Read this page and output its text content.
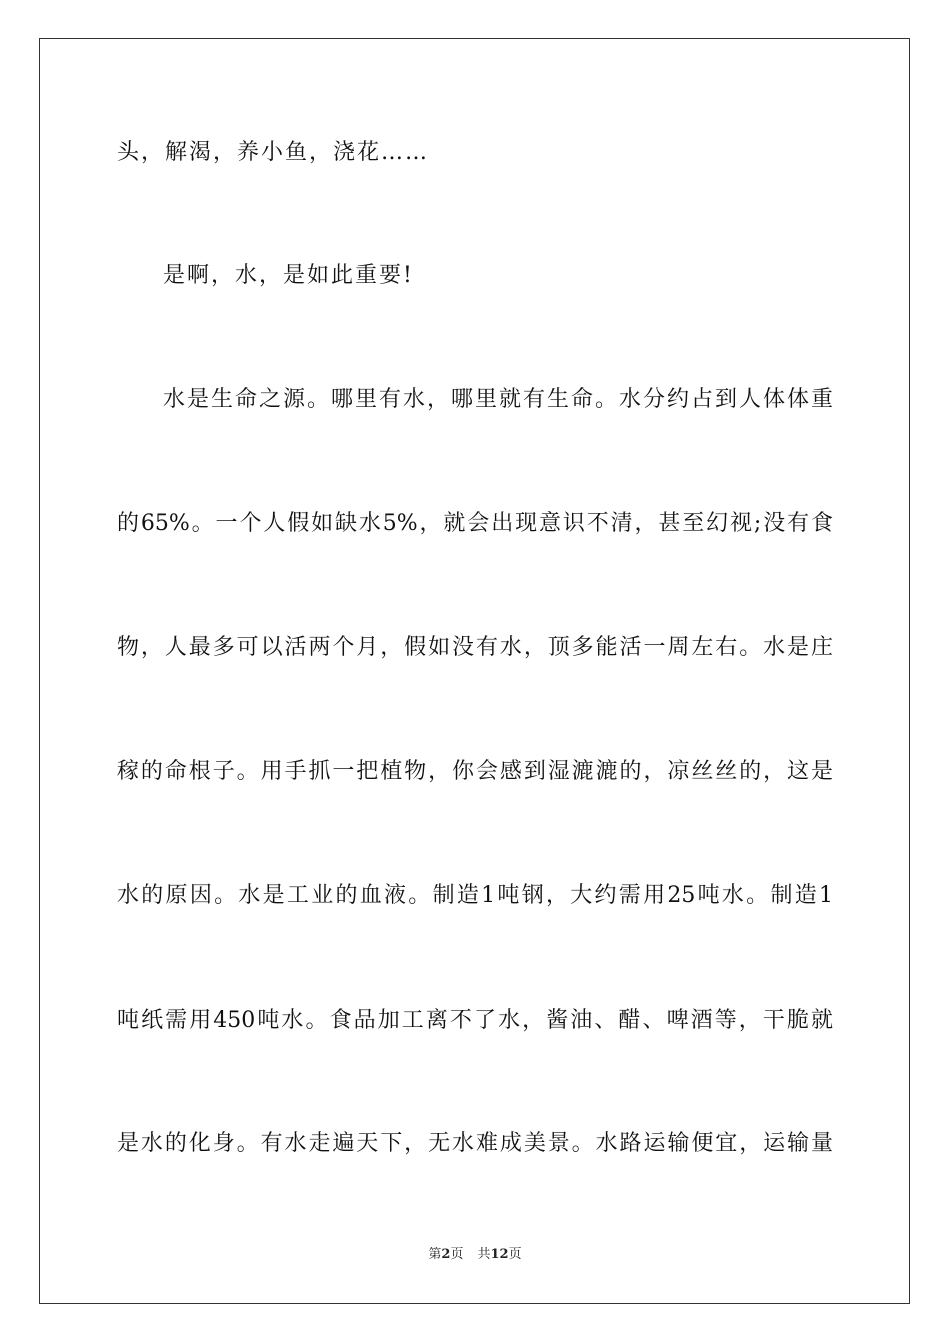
头，解渴，养小鱼，浇花……
是啊，水，是如此重要!
水是生命之源。哪里有水，哪里就有生命。水分约占到人体体重
的65%。一个人假如缺水5%，就会出现意识不清，甚至幻视;没有食
物，人最多可以活两个月，假如没有水，顶多能活一周左右。水是庄
稼的命根子。用手抓一把植物，你会感到湿漉漉的，凉丝丝的，这是
水的原因。水是工业的血液。制造1吨钢，大约需用25吨水。制造1
吨纸需用450吨水。食品加工离不了水，酱油、醋、啤酒等，干脆就
是水的化身。有水走遍天下，无水难成美景。水路运输便宜，运输量
第2页 共12页
